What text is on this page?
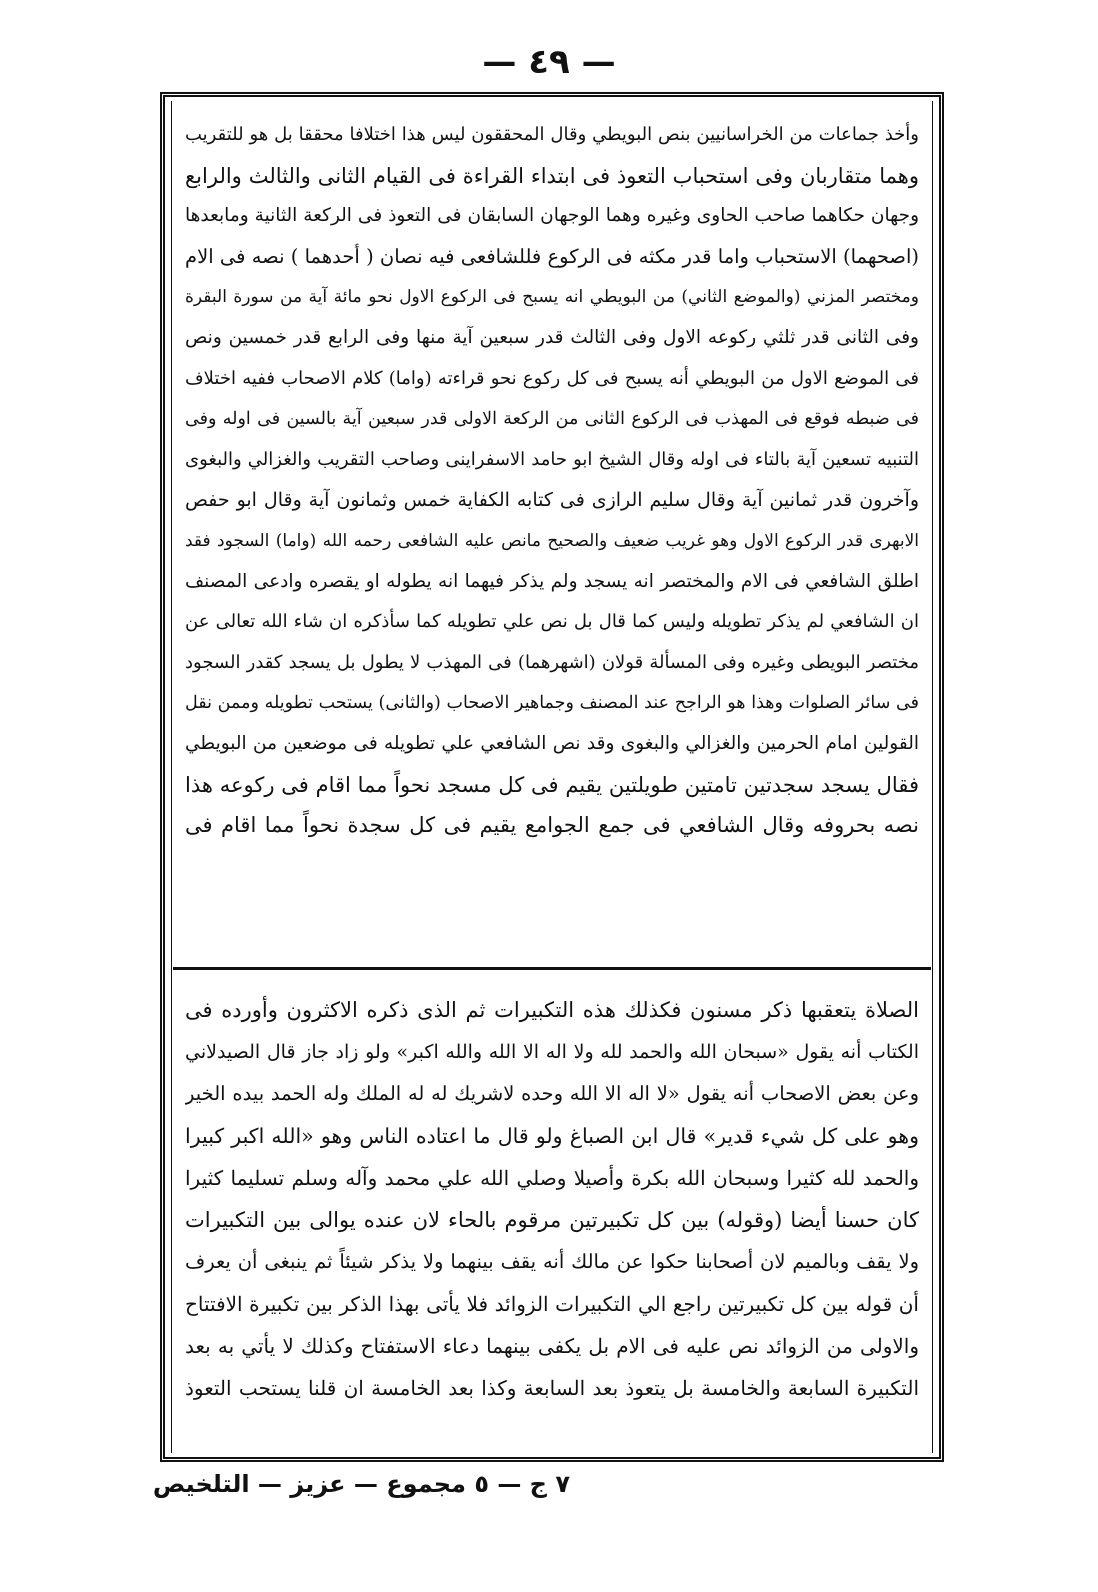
— ٤٩ —
وأخذ جماعات من الخراسانيين بنص البويطي وقال المحققون ليس هذا اختلافا محققا بل هو للتقريب
وهما متقاربان وفى استحباب التعوذ فى ابتداء القراءة فى القيام الثانى والثالث والرابع
وجهان حكاهما صاحب الحاوى وغيره وهما الوجهان السابقان فى التعوذ فى الركعة الثانية ومابعدها
(اصحهما) الاستحباب واما قدر مكثه فى الركوع فللشافعى فيه نصان ( أحدهما ) نصه فى الام
ومختصر المزني (والموضع الثاني) من البويطي انه يسبح فى الركوع الاول نحو مائة آية من سورة البقرة
وفى الثانى قدر ثلثي ركوعه الاول وفى الثالث قدر سبعين آية منها وفى الرابع قدر خمسين ونص
فى الموضع الاول من البويطي أنه يسبح فى كل ركوع نحو قراءته (واما) كلام الاصحاب ففيه اختلاف
فى ضبطه فوقع فى المهذب فى الركوع الثانى من الركعة الاولى قدر سبعين آية بالسين فى اوله وفى
التنبيه تسعين آية بالتاء فى اوله وقال الشيخ ابو حامد الاسفراينى وصاحب التقريب والغزالي والبغوى
وآخرون قدر ثمانين آية وقال سليم الرازى فى كتابه الكفاية خمس وثمانون آية وقال ابو حفص
الابهرى قدر الركوع الاول وهو غريب ضعيف والصحيح مانص عليه الشافعى رحمه الله (واما) السجود فقد
اطلق الشافعي فى الام والمختصر انه يسجد ولم يذكر فيهما انه يطوله او يقصره وادعى المصنف
ان الشافعي لم يذكر تطويله وليس كما قال بل نص علي تطويله كما سأذكره ان شاء الله تعالى عن
مختصر البويطى وغيره وفى المسألة قولان (اشهرهما) فى المهذب لا يطول بل يسجد كقدر السجود
فى سائر الصلوات وهذا هو الراجح عند المصنف وجماهير الاصحاب (والثانى) يستحب تطويله وممن نقل
القولين امام الحرمين والغزالي والبغوى وقد نص الشافعي علي تطويله فى موضعين من البويطي
فقال يسجد سجدتين تامتين طويلتين يقيم فى كل مسجد نحواً مما اقام فى ركوعه هذا
نصه بحروفه وقال الشافعي فى جمع الجوامع يقيم فى كل سجدة نحواً مما اقام فى
الصلاة يتعقبها ذكر مسنون فكذلك هذه التكبيرات ثم الذى ذكره الاكثرون وأورده فى
الكتاب أنه يقول «سبحان الله والحمد لله ولا اله الا الله والله اكبر» ولو زاد جاز قال الصيدلاني
وعن بعض الاصحاب أنه يقول «لا اله الا الله وحده لاشريك له له الملك وله الحمد بيده الخير
وهو على كل شيء قدير» قال ابن الصباغ ولو قال ما اعتاده الناس وهو «الله اكبر كبيرا
والحمد لله كثيرا وسبحان الله بكرة وأصيلا وصلي الله علي محمد وآله وسلم تسليما كثيرا
كان حسنا أيضا (وقوله) بين كل تكبيرتين مرقوم بالحاء لان عنده يوالى بين التكبيرات
ولا يقف وبالميم لان أصحابنا حكوا عن مالك أنه يقف بينهما ولا يذكر شيئاً ثم ينبغى أن يعرف
أن قوله بين كل تكبيرتين راجع الي التكبيرات الزوائد فلا يأتى بهذا الذكر بين تكبيرة الافتتاح
والاولى من الزوائد نص عليه فى الام بل يكفى بينهما دعاء الاستفتاح وكذلك لا يأتي به بعد
التكبيرة السابعة والخامسة بل يتعوذ بعد السابعة وكذا بعد الخامسة ان قلنا يستحب التعوذ
٧ ج — ٥ مجموع — عزيز — التلخيص
